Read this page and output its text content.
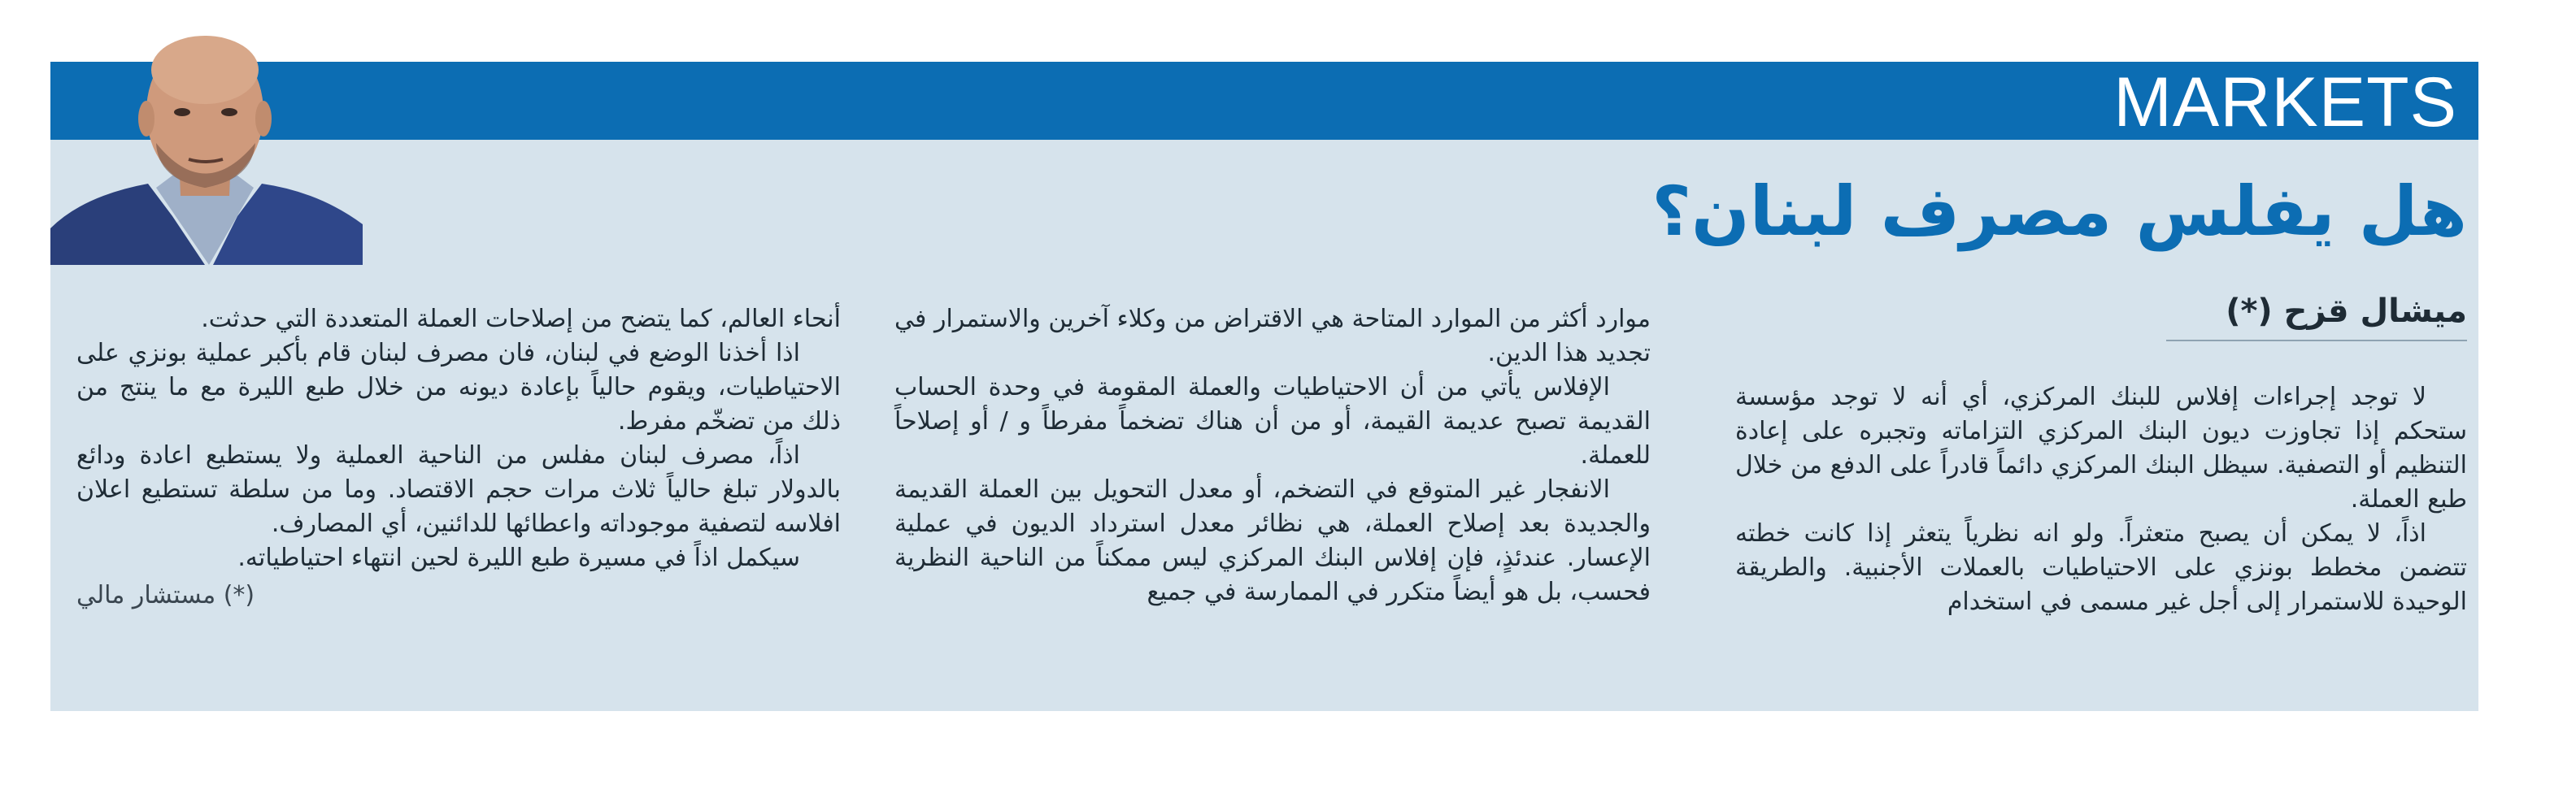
MARKETS
هل يفلس مصرف لبنان؟
ميشال قزح (*)

لا توجد إجراءات إفلاس للبنك المركزي، أي أنه لا توجد مؤسسة ستحكم إذا تجاوزت ديون البنك المركزي التزاماته وتجبره على إعادة التنظيم أو التصفية. سيظل البنك المركزي دائماً قادراً على الدفع من خلال طبع العملة.

اذاً، لا يمكن أن يصبح متعثراً. ولو انه نظرياً يتعثر إذا كانت خطته تتضمن مخطط بونزي على الاحتياطيات بالعملات الأجنبية. والطريقة الوحيدة للاستمرار إلى أجل غير مسمى في استخدام

موارد أكثر من الموارد المتاحة هي الاقتراض من وكلاء آخرين والاستمرار في تجديد هذا الدين.

الإفلاس يأتي من أن الاحتياطيات والعملة المقومة في وحدة الحساب القديمة تصبح عديمة القيمة، أو من أن هناك تضخماً مفرطاً و / أو إصلاحاً للعملة.

الانفجار غير المتوقع في التضخم، أو معدل التحويل بين العملة القديمة والجديدة بعد إصلاح العملة، هي نظائر معدل استرداد الديون في عملية الإعسار. عندئذٍ، فإن إفلاس البنك المركزي ليس ممكناً من الناحية النظرية فحسب، بل هو أيضاً متكرر في الممارسة في جميع

أنحاء العالم، كما يتضح من إصلاحات العملة المتعددة التي حدثت.

اذا أخذنا الوضع في لبنان، فان مصرف لبنان قام بأكبر عملية بونزي على الاحتياطيات، ويقوم حالياً بإعادة ديونه من خلال طبع الليرة مع ما ينتج من ذلك من تضخّم مفرط.

اذاً، مصرف لبنان مفلس من الناحية العملية ولا يستطيع اعادة ودائع بالدولار تبلغ حالياً ثلاث مرات حجم الاقتصاد. وما من سلطة تستطيع اعلان افلاسه لتصفية موجوداته واعطائها للدائنين، أي المصارف.

سيكمل اذاً في مسيرة طبع الليرة لحين انتهاء احتياطياته.

(*) مستشار مالي
